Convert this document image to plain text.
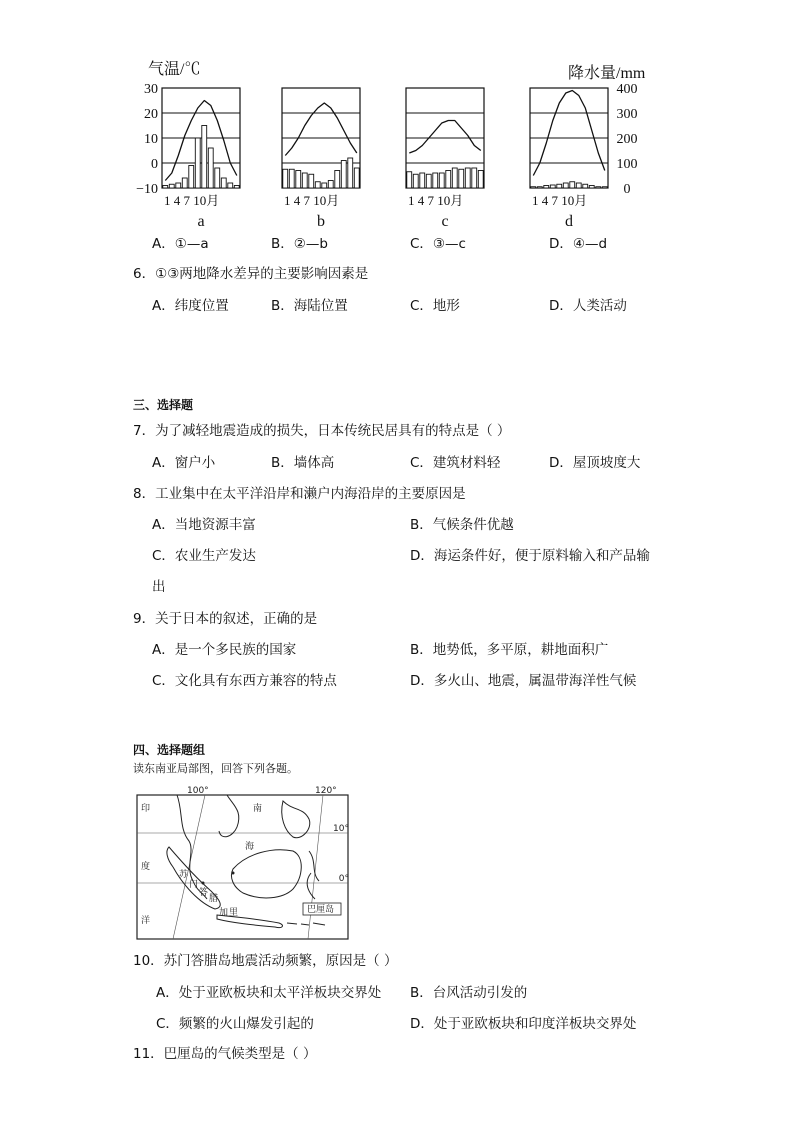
气温/℃	降水量/mm
30
20
10
0
−10
400
300
200
100
0
1 4 7 10月
a
1 4 7 10月
b
1 4 7 10月
c
1 4 7 10月
d
A．①—a	B．②—b	C．③—c	D．④—d
6．①③两地降水差异的主要影响因素是
A．纬度位置	B．海陆位置	C．地形	D．人类活动
三、选择题
7．为了减轻地震造成的损失，日本传统民居具有的特点是（ ）
A．窗户小	B．墙体高	C．建筑材料轻	D．屋顶坡度大
8．工业集中在太平洋沿岸和濑户内海沿岸的主要原因是
A．当地资源丰富	B．气候条件优越
C．农业生产发达	D．海运条件好，便于原料输入和产品输
出
9．关于日本的叙述，正确的是
A．是一个多民族的国家	B．地势低，多平原，耕地面积广
C．文化具有东西方兼容的特点	D．多火山、地震，属温带海洋性气候
四、选择题组
读东南亚局部图，回答下列各题。
100°	120°
10°
0°
印	南
海
度
苏
门
答
腊
加 里
洋
巴厘岛
10．苏门答腊岛地震活动频繁，原因是（ ）
A．处于亚欧板块和太平洋板块交界处 B．台风活动引发的
C．频繁的火山爆发引起的	D．处于亚欧板块和印度洋板块交界处
11．巴厘岛的气候类型是（ ）
